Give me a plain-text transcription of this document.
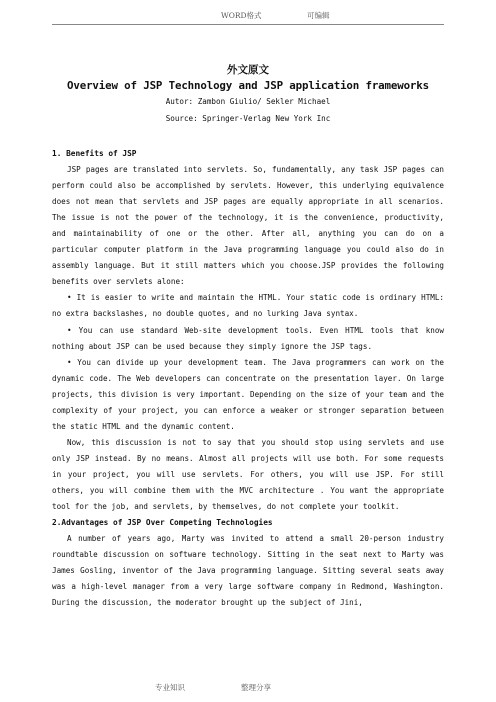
WORD格式	可编辑
外文原文
Overview of JSP Technology and JSP application frameworks
Autor: Zambon Giulio/ Sekler Michael
Source: Springer-Verlag New York Inc
1. Benefits of JSP

JSP pages are translated into servlets. So, fundamentally, any task JSP pages can perform could also be accomplished by servlets. However, this underlying equivalence does not mean that servlets and JSP pages are equally appropriate in all scenarios. The issue is not the power of the technology, it is the convenience, productivity, and maintainability of one or the other. After all, anything you can do on a particular computer platform in the Java programming language you could also do in assembly language. But it still matters which you choose.JSP provides the following benefits over servlets alone:

• It is easier to write and maintain the HTML. Your static code is ordinary HTML: no extra backslashes, no double quotes, and no lurking Java syntax.

• You can use standard Web-site development tools. Even HTML tools that know nothing about JSP can be used because they simply ignore the JSP tags.

• You can divide up your development team. The Java programmers can work on the dynamic code. The Web developers can concentrate on the presentation layer. On large projects, this division is very important. Depending on the size of your team and the complexity of your project, you can enforce a weaker or stronger separation between the static HTML and the dynamic content.

Now, this discussion is not to say that you should stop using servlets and use only JSP instead. By no means. Almost all projects will use both. For some requests in your project, you will use servlets. For others, you will use JSP. For still others, you will combine them with the MVC architecture . You want the appropriate tool for the job, and servlets, by themselves, do not complete your toolkit.

2.Advantages of JSP Over Competing Technologies

A number of years ago, Marty was invited to attend a small 20-person industry roundtable discussion on software technology. Sitting in the seat next to Marty was James Gosling, inventor of the Java programming language. Sitting several seats away was a high-level manager from a very large software company in Redmond, Washington. During the discussion, the moderator brought up the subject of Jini,

专业知识	整理分享
